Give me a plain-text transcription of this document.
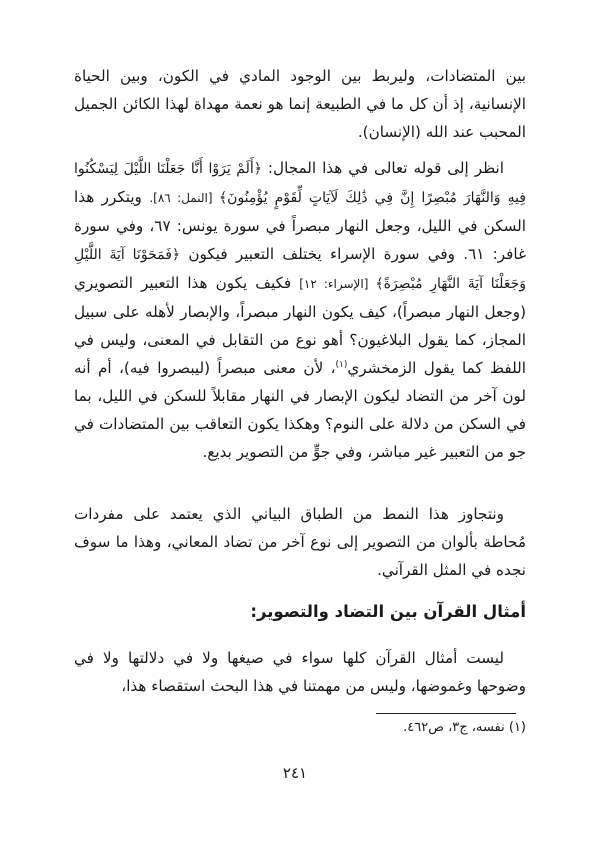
بين المتضادات، وليربط بين الوجود المادي في الكون، وبين الحياة الإنسانية، إذ أن كل ما في الطبيعة إنما هو نعمة مهداة لهذا الكائن الجميل المحبب عند الله (الإنسان).

انظر إلى قوله تعالى في هذا المجال: ﴿أَلَمْ يَرَوْا أَنَّا جَعَلْنَا اللَّيْلَ لِيَسْكُنُوا فِيهِ وَالنَّهَارَ مُبْصِرًا إِنَّ فِي ذَٰلِكَ لَآيَاتٍ لِّقَوْمٍ يُؤْمِنُونَ﴾ [النمل: ٨٦]. ويتكرر هذا السكن في الليل، وجعل النهار مبصراً في سورة يونس: ٦٧، وفي سورة غافر: ٦١. وفي سورة الإسراء يختلف التعبير فيكون ﴿فَمَحَوْنَا آيَةَ اللَّيْلِ وَجَعَلْنَا آيَةَ النَّهَارِ مُبْصِرَةً﴾ [الإسراء: ١٢] فكيف يكون هذا التعبير التصويري (وجعل النهار مبصراً)، كيف يكون النهار مبصراً، والإبصار لأهله على سبيل المجاز، كما يقول البلاغيون؟ أهو نوع من التقابل في المعنى، وليس في اللفظ كما يقول الزمخشري$^{(١)}$، لأن معنى مبصراً (ليبصروا فيه)، أم أنه لون آخر من التضاد ليكون الإبصار في النهار مقابلاً للسكن في الليل، بما في السكن من دلالة على النوم؟ وهكذا يكون التعاقب بين المتضادات في جو من التعبير غير مباشر، وفي جوٍّ من التصوير بديع.

ونتجاوز هذا النمط من الطباق البياني الذي يعتمد على مفردات مُحاطة بألوان من التصوير إلى نوع آخر من تضاد المعاني، وهذا ما سوف نجده في المثل القرآني.

أمثال القرآن بين التضاد والتصوير:

ليست أمثال القرآن كلها سواء في صيغها ولا في دلالتها ولا في وضوحها وغموضها، وليس من مهمتنا في هذا البحث استقصاء هذا،

(١) نفسه، ج٣، ص٤٦٢.
٢٤١
